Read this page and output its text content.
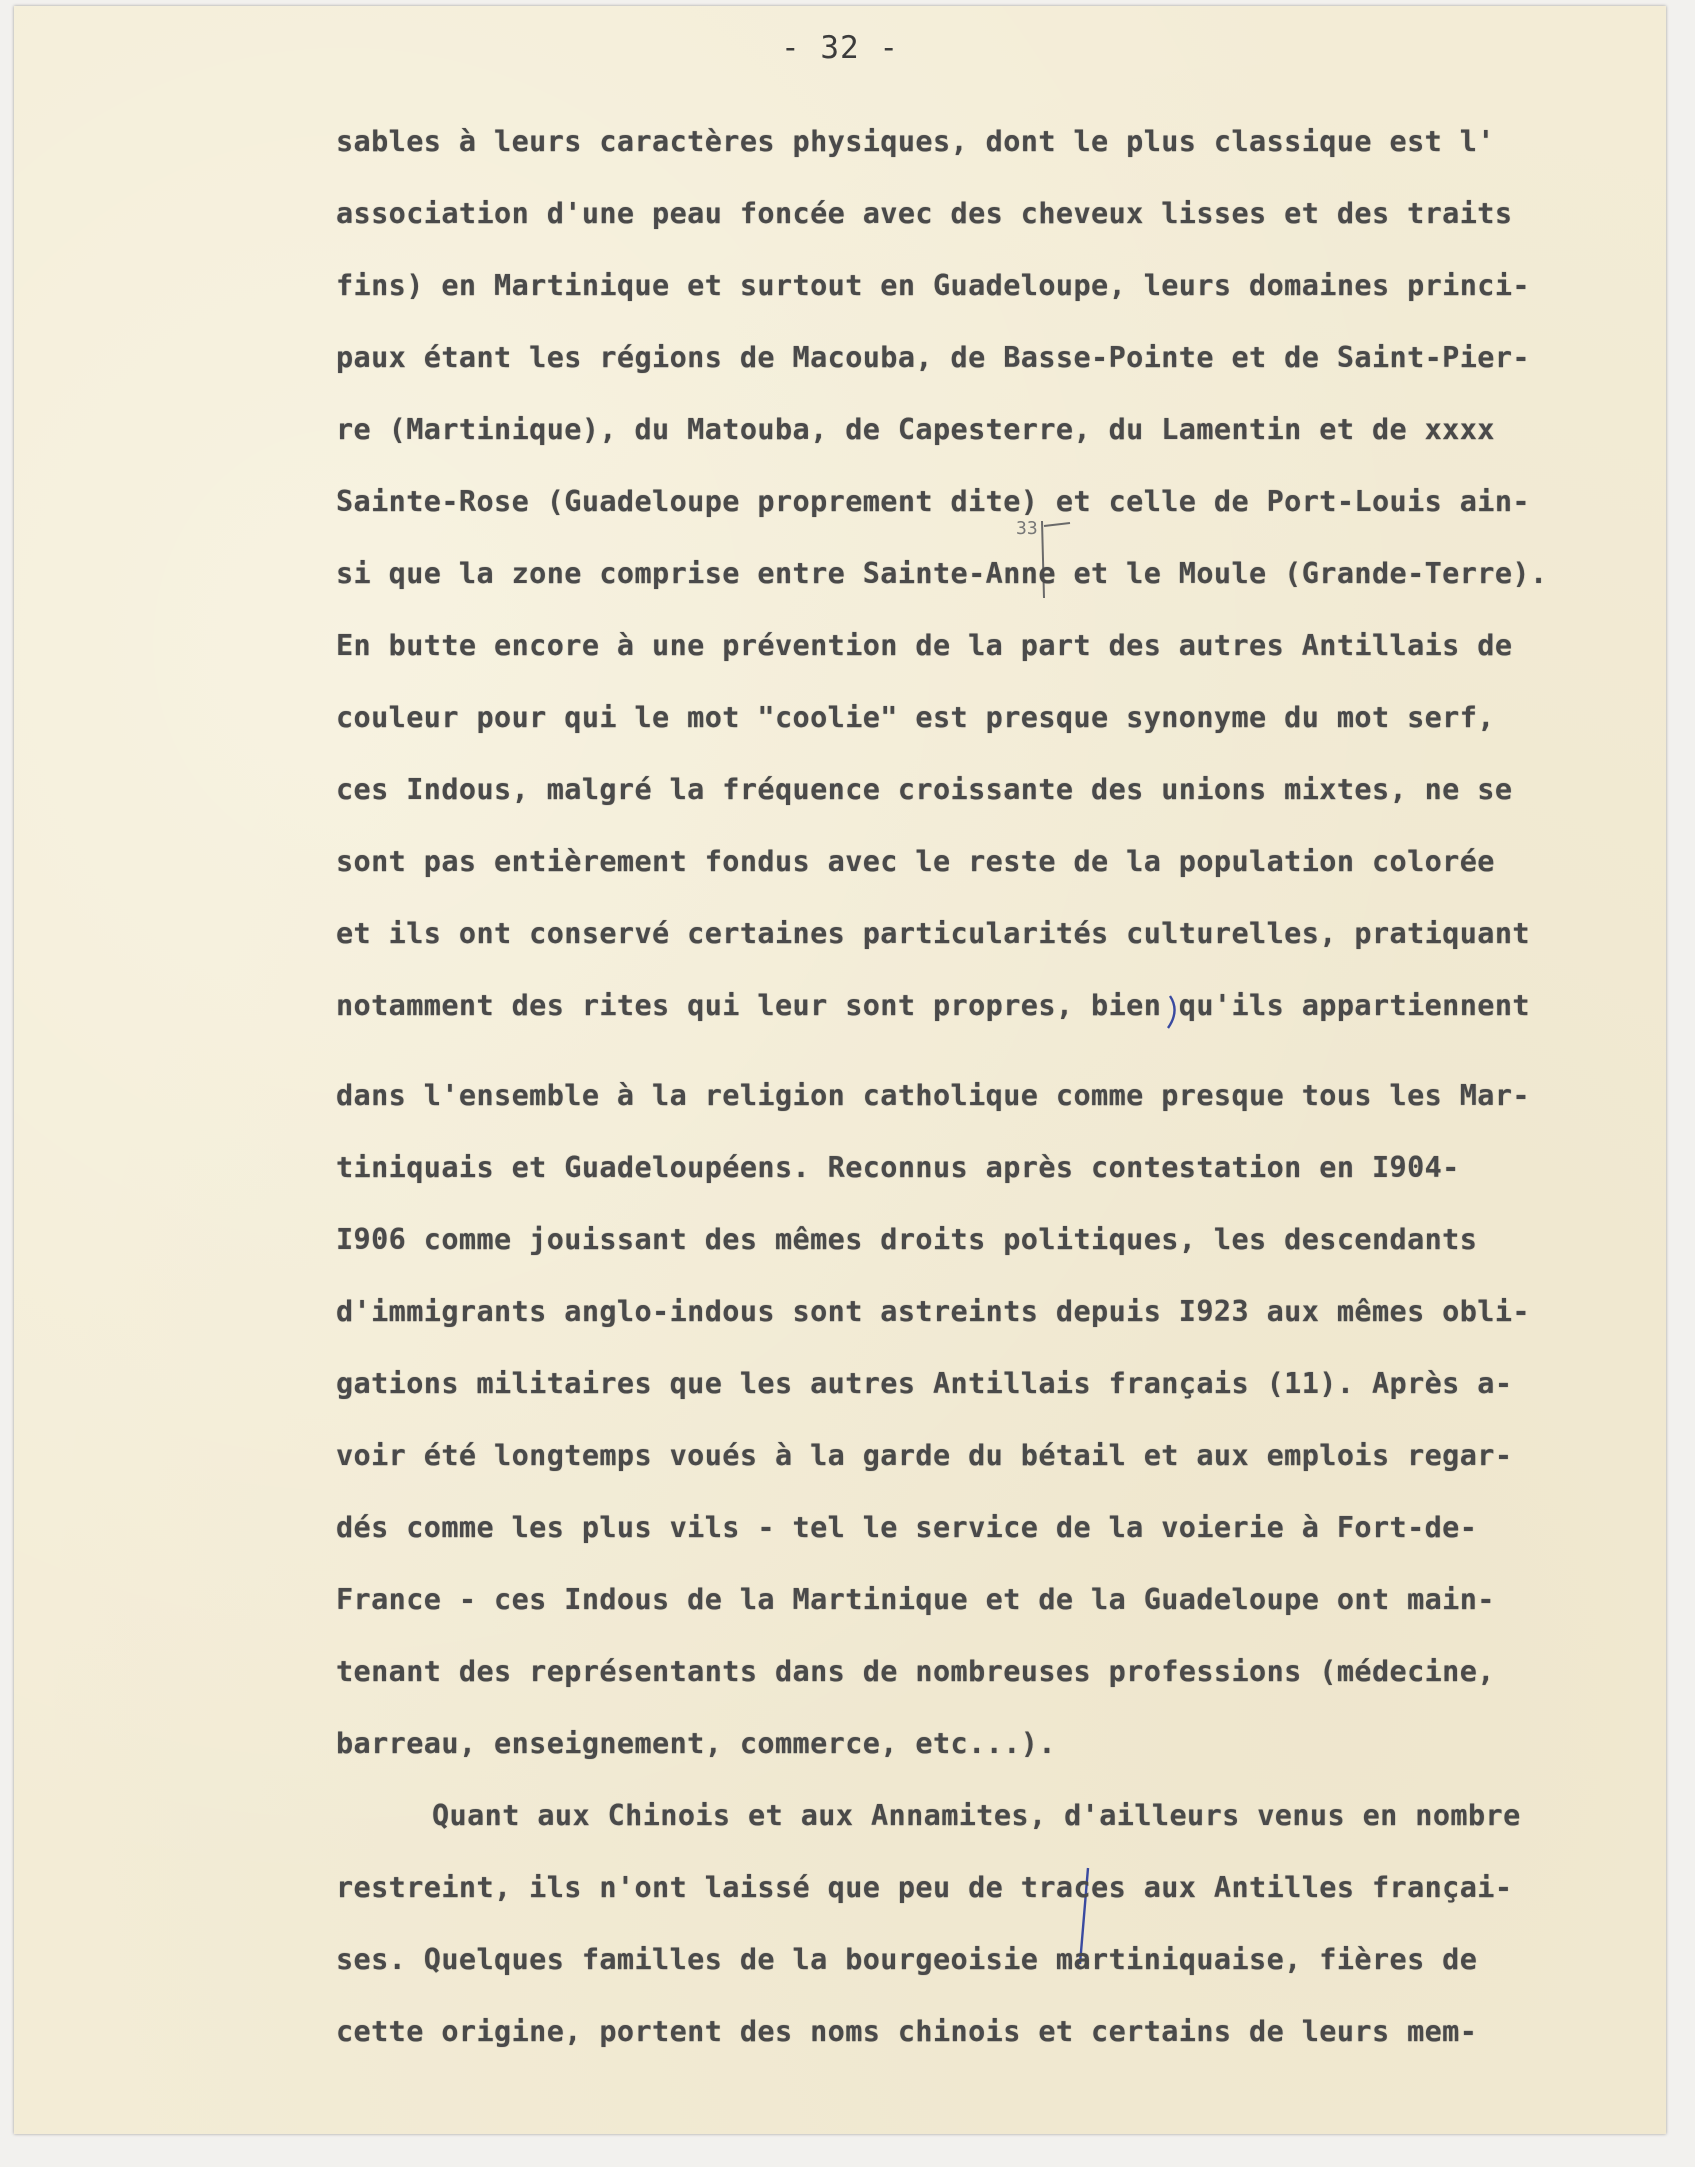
- 32 -
33
sables à leurs caractères physiques, dont le plus classique est l'
association d'une peau foncée avec des cheveux lisses et des traits
fins) en Martinique et surtout en Guadeloupe, leurs domaines princi-
paux étant les régions de Macouba, de Basse-Pointe et de Saint-Pier-
re (Martinique), du Matouba, de Capesterre, du Lamentin et de xxxx
Sainte-Rose (Guadeloupe proprement dite) et celle de Port-Louis ain-
si que la zone comprise entre Sainte-Anne et le Moule (Grande-Terre).
En butte encore à une prévention de la part des autres Antillais de
couleur pour qui le mot "coolie" est presque synonyme du mot serf,
ces Indous, malgré la fréquence croissante des unions mixtes, ne se
sont pas entièrement fondus avec le reste de la population colorée
et ils ont conservé certaines particularités culturelles, pratiquant
notamment des rites qui leur sont propres, bien qu'ils appartiennent
dans l'ensemble à la religion catholique comme presque tous les Mar-
tiniquais et Guadeloupéens. Reconnus après contestation en I904-
I906 comme jouissant des mêmes droits politiques, les descendants
d'immigrants anglo-indous sont astreints depuis I923 aux mêmes obli-
gations militaires que les autres Antillais français (11). Après a-
voir été longtemps voués à la garde du bétail et aux emplois regar-
dés comme les plus vils - tel le service de la voierie à Fort-de-
France - ces Indous de la Martinique et de la Guadeloupe ont main-
tenant des représentants dans de nombreuses professions (médecine,
barreau, enseignement, commerce, etc...).
Quant aux Chinois et aux Annamites, d'ailleurs venus en nombre
restreint, ils n'ont laissé que peu de traces aux Antilles françai-
ses. Quelques familles de la bourgeoisie martiniquaise, fières de
cette origine, portent des noms chinois et certains de leurs mem-
